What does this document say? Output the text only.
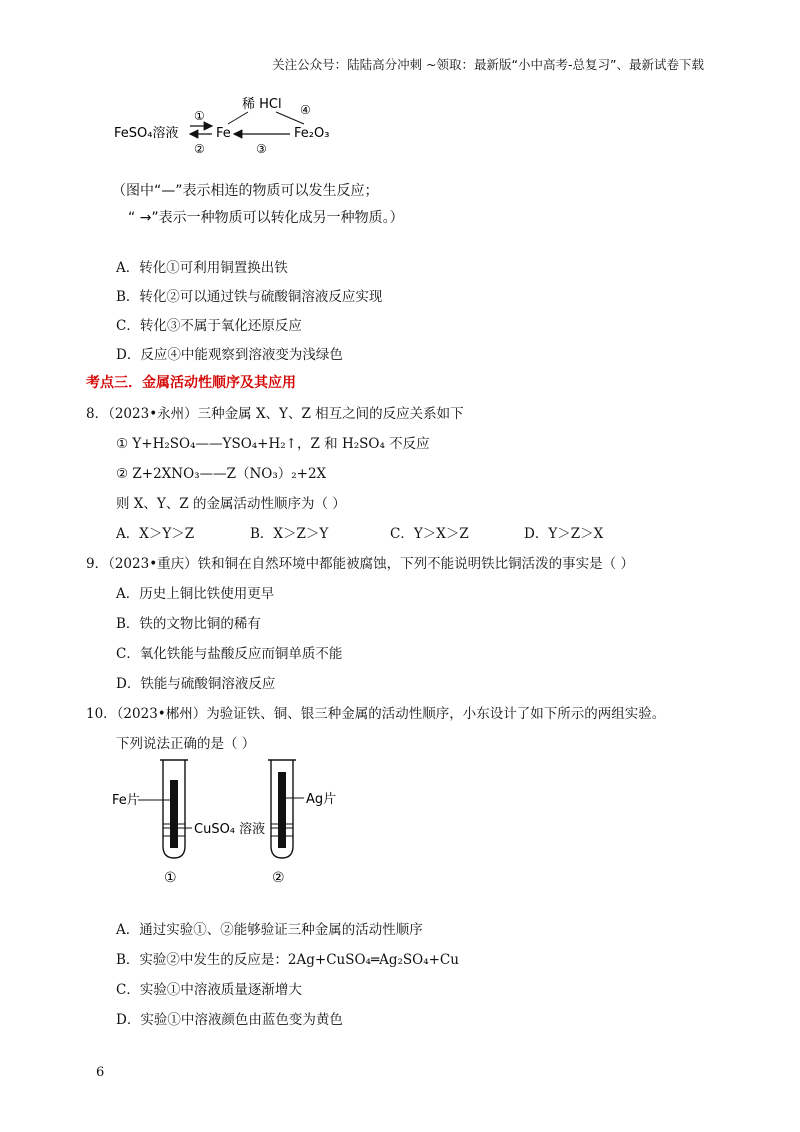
关注公众号：陆陆高分冲刺 ~领取：最新版“小中高考-总复习”、最新试卷下载
稀 HCl
FeSO₄溶液	Fe	Fe₂O₃
①
②	③
④
（图中“—”表示相连的物质可以发生反应；
“ →”表示一种物质可以转化成另一种物质。）
A．转化①可利用铜置换出铁
B．转化②可以通过铁与硫酸铜溶液反应实现
C．转化③不属于氧化还原反应
D．反应④中能观察到溶液变为浅绿色
考点三．金属活动性顺序及其应用
8．（2023•永州）三种金属 X、Y、Z 相互之间的反应关系如下
① Y+H₂SO₄——YSO₄+H₂↑，Z 和 H₂SO₄ 不反应
② Z+2XNO₃——Z（NO₃）₂+2X
则 X、Y、Z 的金属活动性顺序为（ ）
A．X＞Y＞Z	B．X＞Z＞Y	C．Y＞X＞Z	D．Y＞Z＞X
9．（2023•重庆）铁和铜在自然环境中都能被腐蚀，下列不能说明铁比铜活泼的事实是（ ）
A．历史上铜比铁使用更早
B．铁的文物比铜的稀有
C．氧化铁能与盐酸反应而铜单质不能
D．铁能与硫酸铜溶液反应
10．（2023•郴州）为验证铁、铜、银三种金属的活动性顺序，小东设计了如下所示的两组实验。
下列说法正确的是（ ）
Fe片
①
Ag片
②
CuSO₄ 溶液
A．通过实验①、②能够验证三种金属的活动性顺序
B．实验②中发生的反应是：2Ag+CuSO₄═Ag₂SO₄+Cu
C．实验①中溶液质量逐渐增大
D．实验①中溶液颜色由蓝色变为黄色
6
